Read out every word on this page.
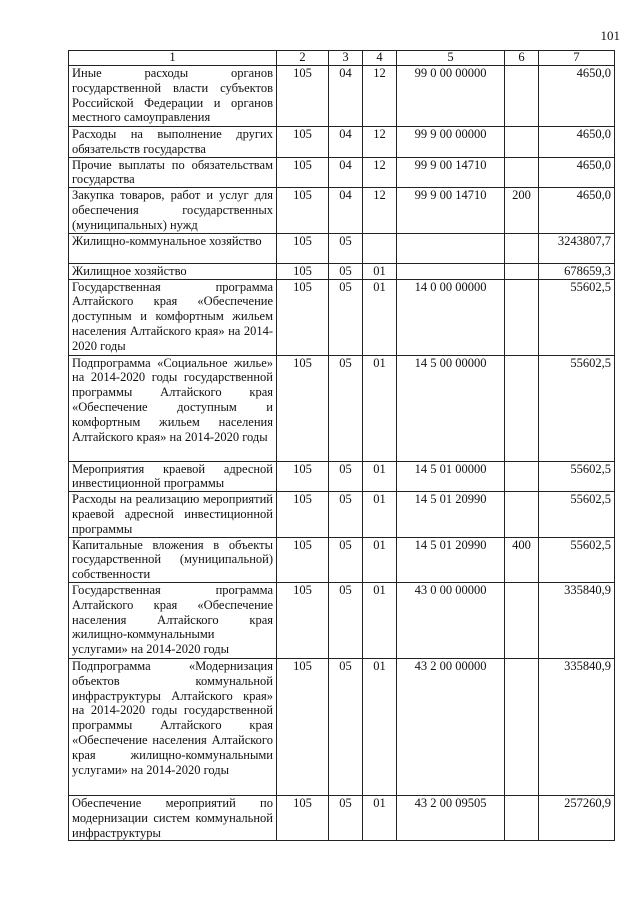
101
1	2	3	4	5	6	7
Иные расходы органов государственной власти субъектов Российской Федерации и органов местного самоуправления	105	04	12	99 0 00 00000		4650,0
Расходы на выполнение других обязательств государства	105	04	12	99 9 00 00000		4650,0
Прочие выплаты по обязательствам государства	105	04	12	99 9 00 14710		4650,0
Закупка товаров, работ и услуг для обеспечения государственных (муниципальных) нужд	105	04	12	99 9 00 14710	200	4650,0
Жилищно-коммунальное хозяйство	105	05				3243807,7
Жилищное хозяйство	105	05	01			678659,3
Государственная программа Алтайского края «Обеспечение доступным и комфортным жильем населения Алтайского края» на 2014-2020 годы	105	05	01	14 0 00 00000		55602,5
Подпрограмма «Социальное жилье» на 2014-2020 годы государственной программы Алтайского края «Обеспечение доступным и комфортным жильем населения Алтайского края» на 2014-2020 годы	105	05	01	14 5 00 00000		55602,5
Мероприятия краевой адресной инвестиционной программы	105	05	01	14 5 01 00000		55602,5
Расходы на реализацию мероприятий краевой адресной инвестиционной программы	105	05	01	14 5 01 20990		55602,5
Капитальные вложения в объекты государственной (муниципальной) собственности	105	05	01	14 5 01 20990	400	55602,5
Государственная программа Алтайского края «Обеспечение населения Алтайского края жилищно-коммунальными услугами» на 2014-2020 годы	105	05	01	43 0 00 00000		335840,9
Подпрограмма «Модернизация объектов коммунальной инфраструктуры Алтайского края» на 2014-2020 годы государственной программы Алтайского края «Обеспечение населения Алтайского края жилищно-коммунальными услугами» на 2014-2020 годы	105	05	01	43 2 00 00000		335840,9
Обеспечение мероприятий по модернизации систем коммунальной инфраструктуры	105	05	01	43 2 00 09505		257260,9
